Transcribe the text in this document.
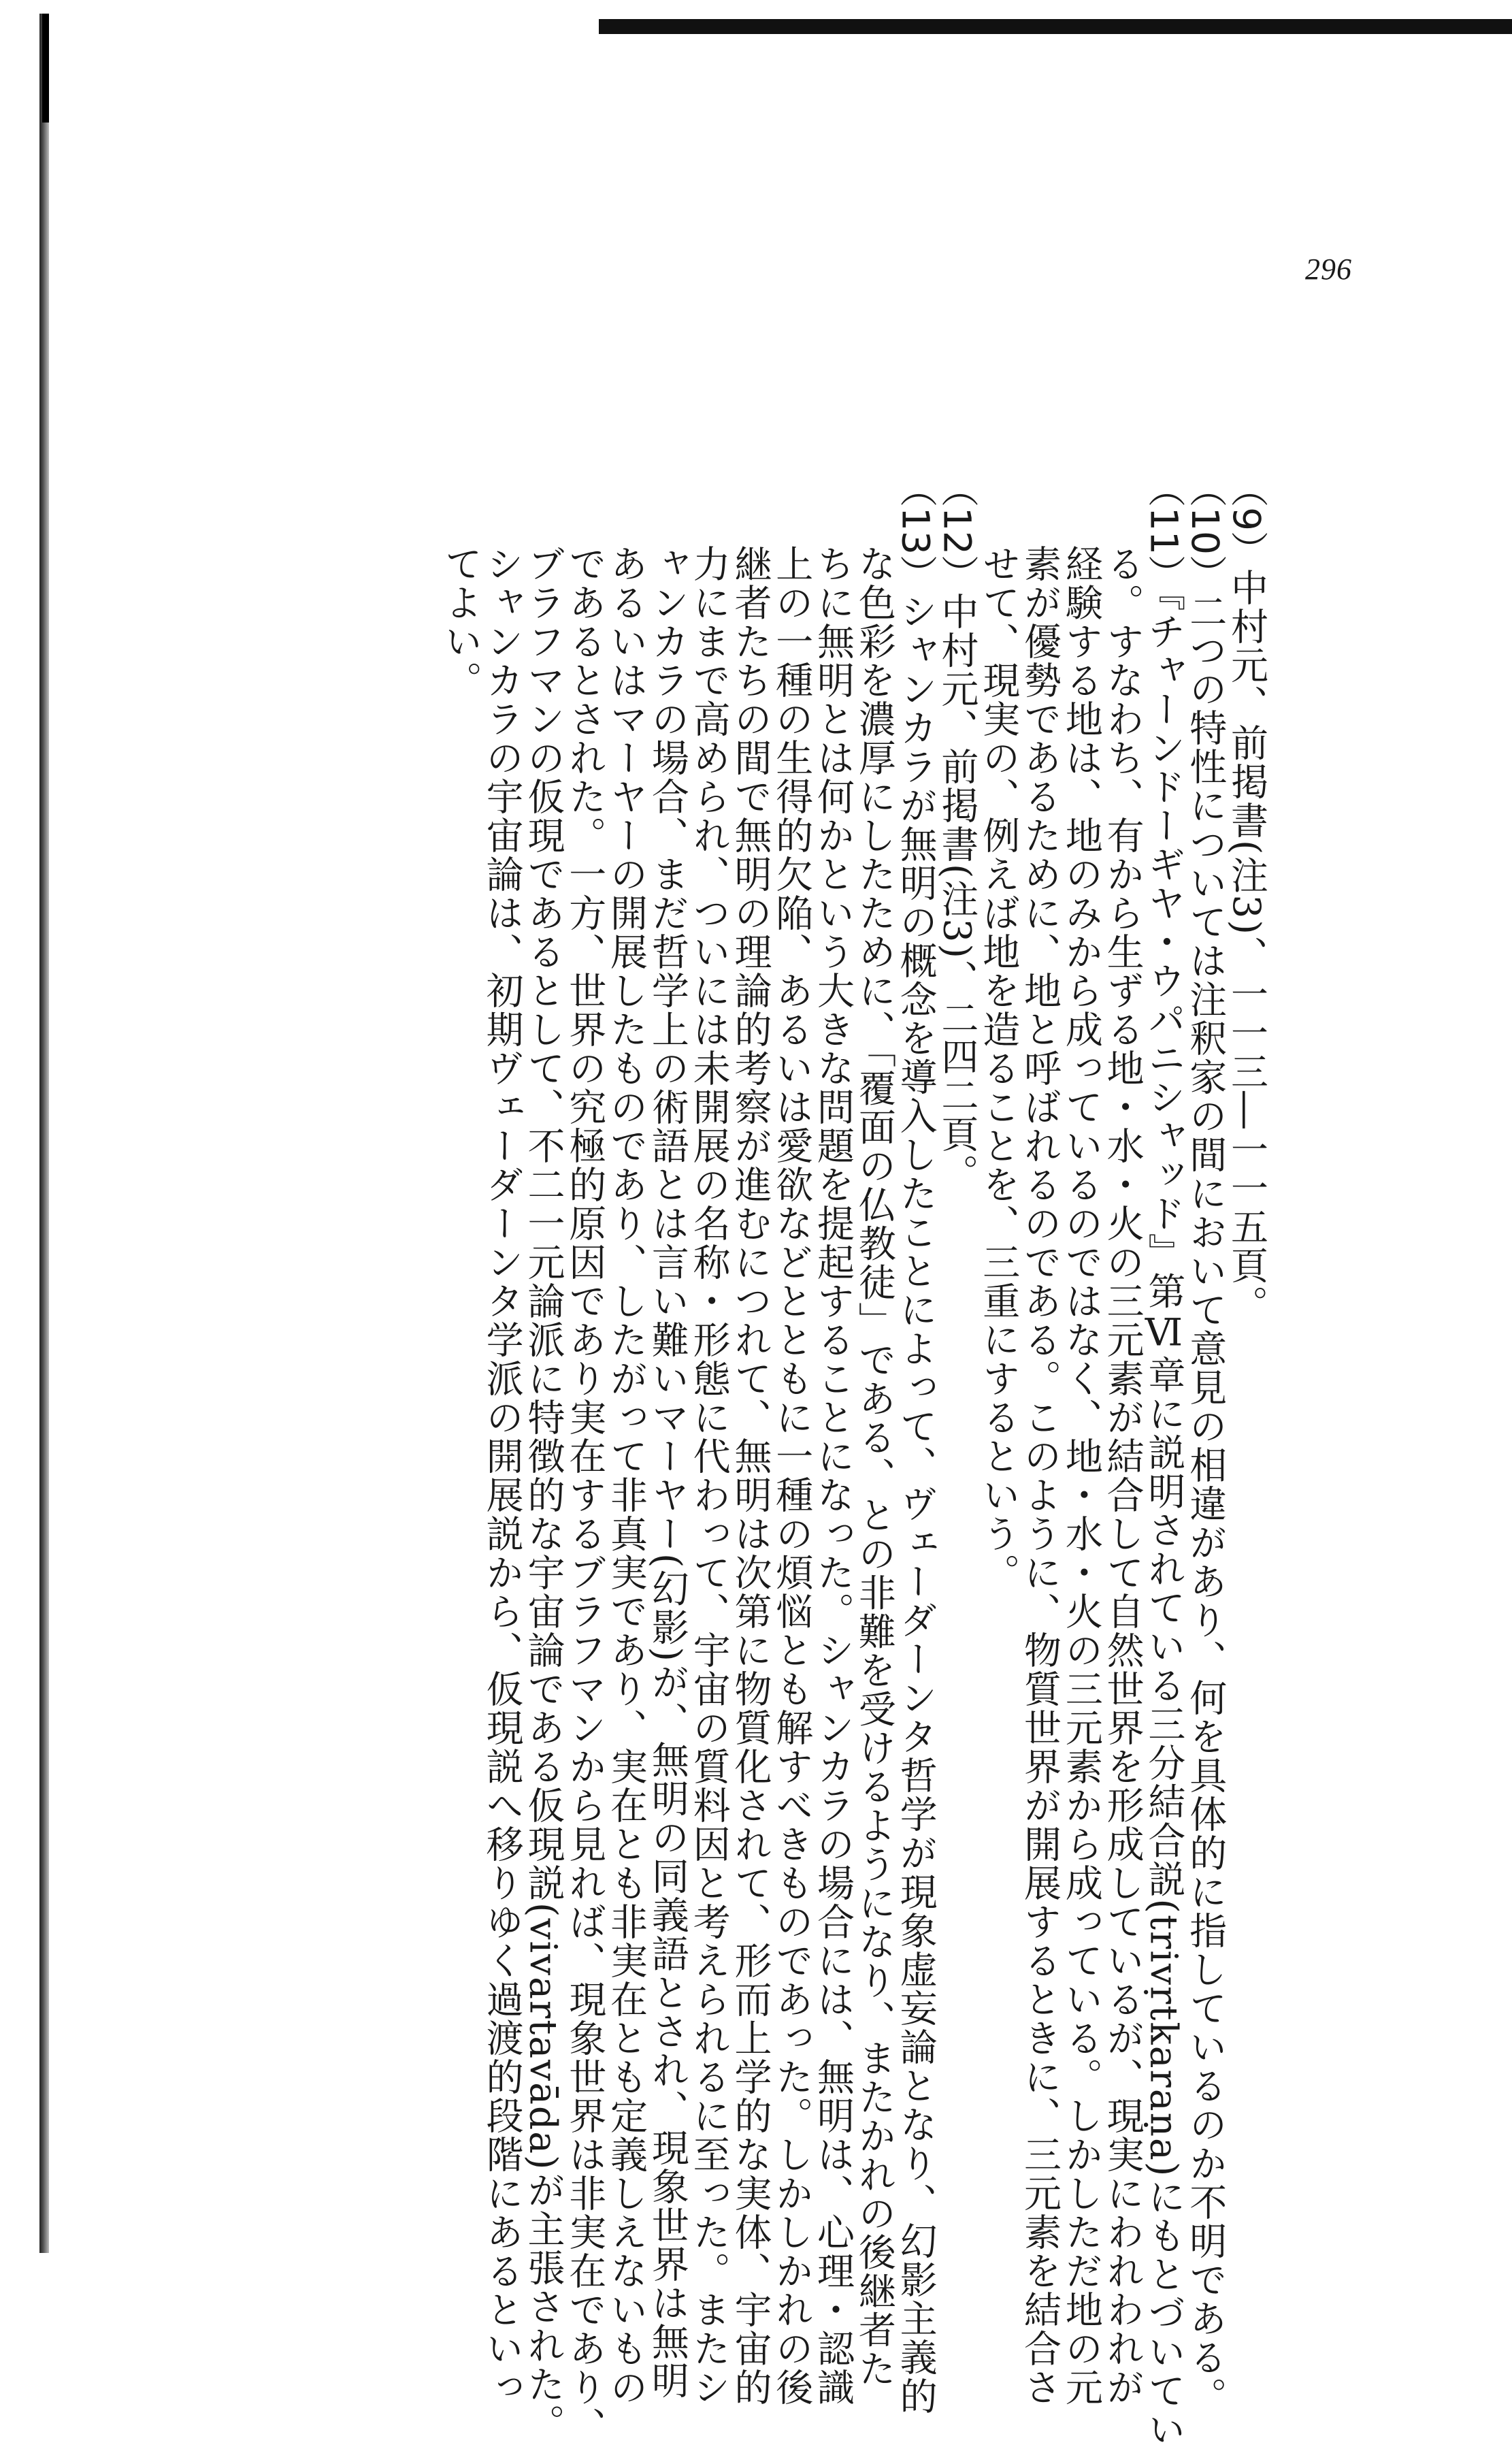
296
（9）中村元、前掲書(注3)、一一三―一一五頁。
（10）二つの特性については注釈家の間において意見の相違があり、何を具体的に指しているのか不明である。
（11）『チャーンドーギヤ・ウパニシャッド』第Ⅵ章に説明されている三分結合説(trivṛtkaraṇa)にもとづいてい
る。すなわち、有から生ずる地・水・火の三元素が結合して自然世界を形成しているが、現実にわれわれが
経験する地は、地のみから成っているのではなく、地・水・火の三元素から成っている。しかしただ地の元
素が優勢であるために、地と呼ばれるのである。このように、物質世界が開展するときに、三元素を結合さ
せて、現実の、例えば地を造ることを、三重にするという。
（12）中村元、前掲書(注3)、二四二頁。
（13）シャンカラが無明の概念を導入したことによって、ヴェーダーンタ哲学が現象虚妄論となり、幻影主義的
な色彩を濃厚にしたために、「覆面の仏教徒」である、との非難を受けるようになり、またかれの後継者た
ちに無明とは何かという大きな問題を提起することになった。シャンカラの場合には、無明は、心理・認識
上の一種の生得的欠陥、あるいは愛欲などとともに一種の煩悩とも解すべきものであった。しかしかれの後
継者たちの間で無明の理論的考察が進むにつれて、無明は次第に物質化されて、形而上学的な実体、宇宙的
力にまで高められ、ついには未開展の名称・形態に代わって、宇宙の質料因と考えられるに至った。またシ
ャンカラの場合、まだ哲学上の術語とは言い難いマーヤー(幻影)が、無明の同義語とされ、現象世界は無明
あるいはマーヤーの開展したものであり、したがって非真実であり、実在とも非実在とも定義しえないもの
であるとされた。一方、世界の究極的原因であり実在するブラフマンから見れば、現象世界は非実在であり、
ブラフマンの仮現であるとして、不二一元論派に特徴的な宇宙論である仮現説(vivartavāda)が主張された。
シャンカラの宇宙論は、初期ヴェーダーンタ学派の開展説から、仮現説へ移りゆく過渡的段階にあるといっ
てよい。
